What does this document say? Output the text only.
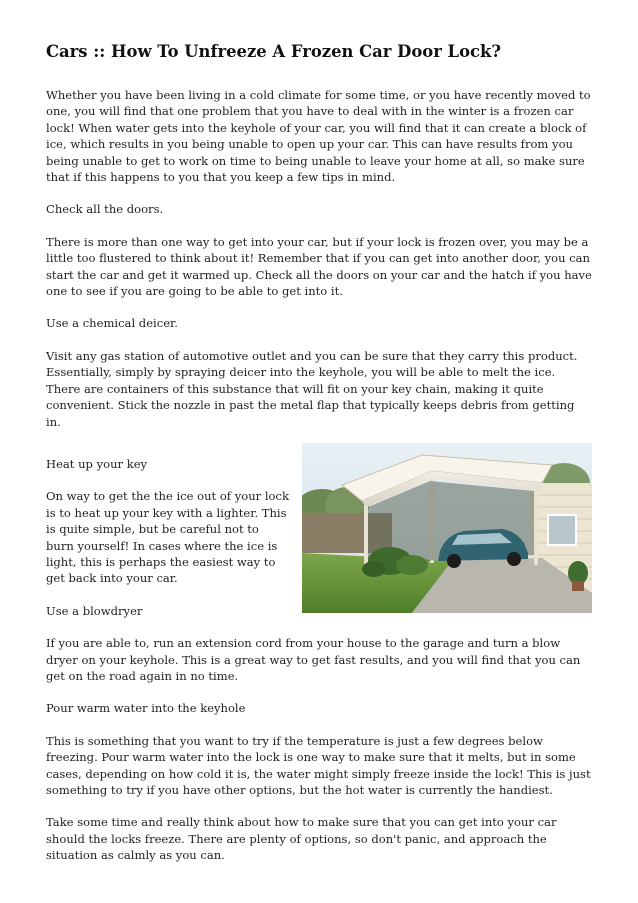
Cars :: How To Unfreeze A Frozen Car Door Lock?

Whether you have been living in a cold climate for some time, or you have recently moved to one, you will find that one problem that you have to deal with in the winter is a frozen car lock! When water gets into the keyhole of your car, you will find that it can create a block of ice, which results in you being unable to open up your car. This can have results from you being unable to get to work on time to being unable to leave your home at all, so make sure that if this happens to you that you keep a few tips in mind.

Check all the doors.

There is more than one way to get into your car, but if your lock is frozen over, you may be a little too flustered to think about it! Remember that if you can get into another door, you can start the car and get it warmed up. Check all the doors on your car and the hatch if you have one to see if you are going to be able to get into it.

Use a chemical deicer.

Visit any gas station of automotive outlet and you can be sure that they carry this product. Essentially, simply by spraying deicer into the keyhole, you will be able to melt the ice. There are containers of this substance that will fit on your key chain, making it quite convenient. Stick the nozzle in past the metal flap that typically keeps debris from getting in.

Heat up your key

On way to get the the ice out of your lock is to heat up your key with a lighter. This is quite simple, but be careful not to burn yourself! In cases where the ice is light, this is perhaps the easiest way to get back into your car.

Use a blowdryer

If you are able to, run an extension cord from your house to the garage and turn a blow dryer on your keyhole. This is a great way to get fast results, and you will find that you can get on the road again in no time.

Pour warm water into the keyhole

This is something that you want to try if the temperature is just a few degrees below freezing. Pour warm water into the lock is one way to make sure that it melts, but in some cases, depending on how cold it is, the water might simply freeze inside the lock! This is just something to try if you have other options, but the hot water is currently the handiest.

Take some time and really think about how to make sure that you can get into your car should the locks freeze. There are plenty of options, so don't panic, and approach the situation as calmly as you can.
